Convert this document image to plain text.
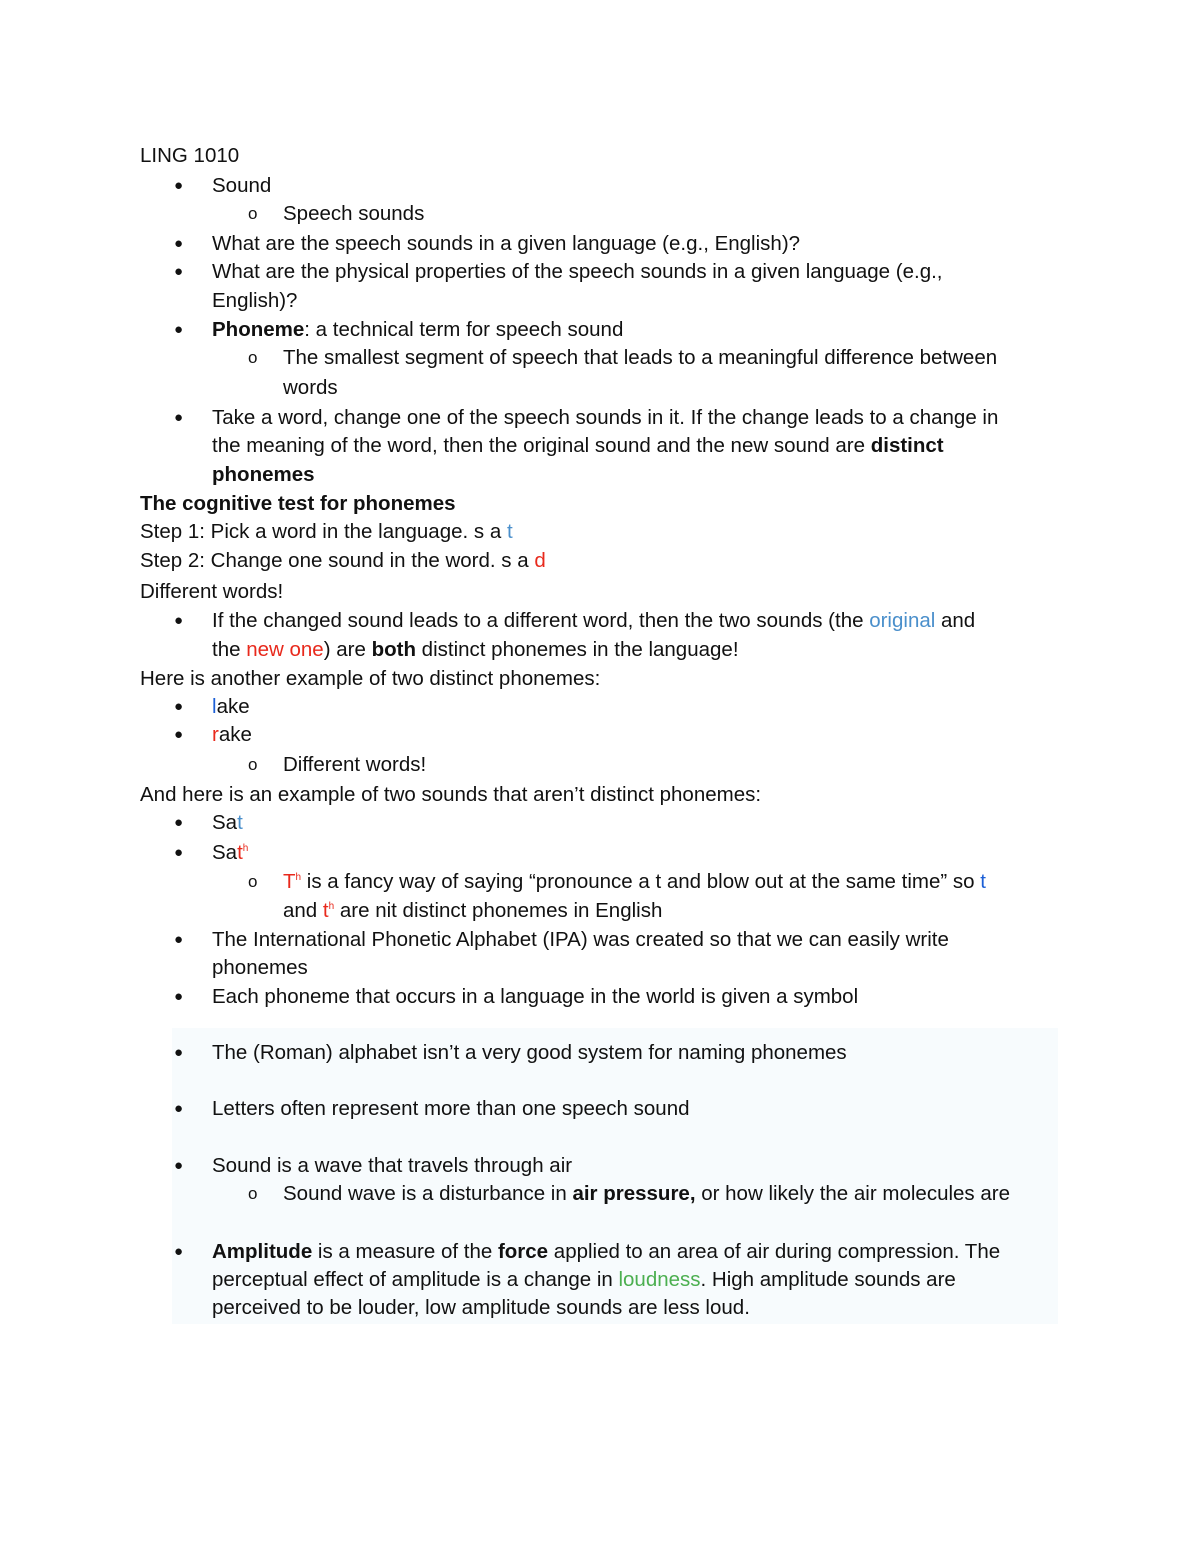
LING 1010
● Sound
o Speech sounds
● What are the speech sounds in a given language (e.g., English)?
● What are the physical properties of the speech sounds in a given language (e.g.,
English)?
● Phoneme: a technical term for speech sound
o The smallest segment of speech that leads to a meaningful difference between
words
● Take a word, change one of the speech sounds in it. If the change leads to a change in
the meaning of the word, then the original sound and the new sound are distinct
phonemes
The cognitive test for phonemes
Step 1: Pick a word in the language. s a t
Step 2: Change one sound in the word. s a d
Different words!
● If the changed sound leads to a different word, then the two sounds (the original and
the new one) are both distinct phonemes in the language!
Here is another example of two distinct phonemes:
● lake
● rake
o Different words!
And here is an example of two sounds that aren’t distinct phonemes:
● Sat
● Sat$^h$
o $T^h$ is a fancy way of saying “pronounce a t and blow out at the same time” so t
and $t^h$ are nit distinct phonemes in English
● The International Phonetic Alphabet (IPA) was created so that we can easily write
phonemes
● Each phoneme that occurs in a language in the world is given a symbol
● The (Roman) alphabet isn’t a very good system for naming phonemes
● Letters often represent more than one speech sound
● Sound is a wave that travels through air
o Sound wave is a disturbance in air pressure, or how likely the air molecules are
● Amplitude is a measure of the force applied to an area of air during compression. The
perceptual effect of amplitude is a change in loudness. High amplitude sounds are
perceived to be louder, low amplitude sounds are less loud.
